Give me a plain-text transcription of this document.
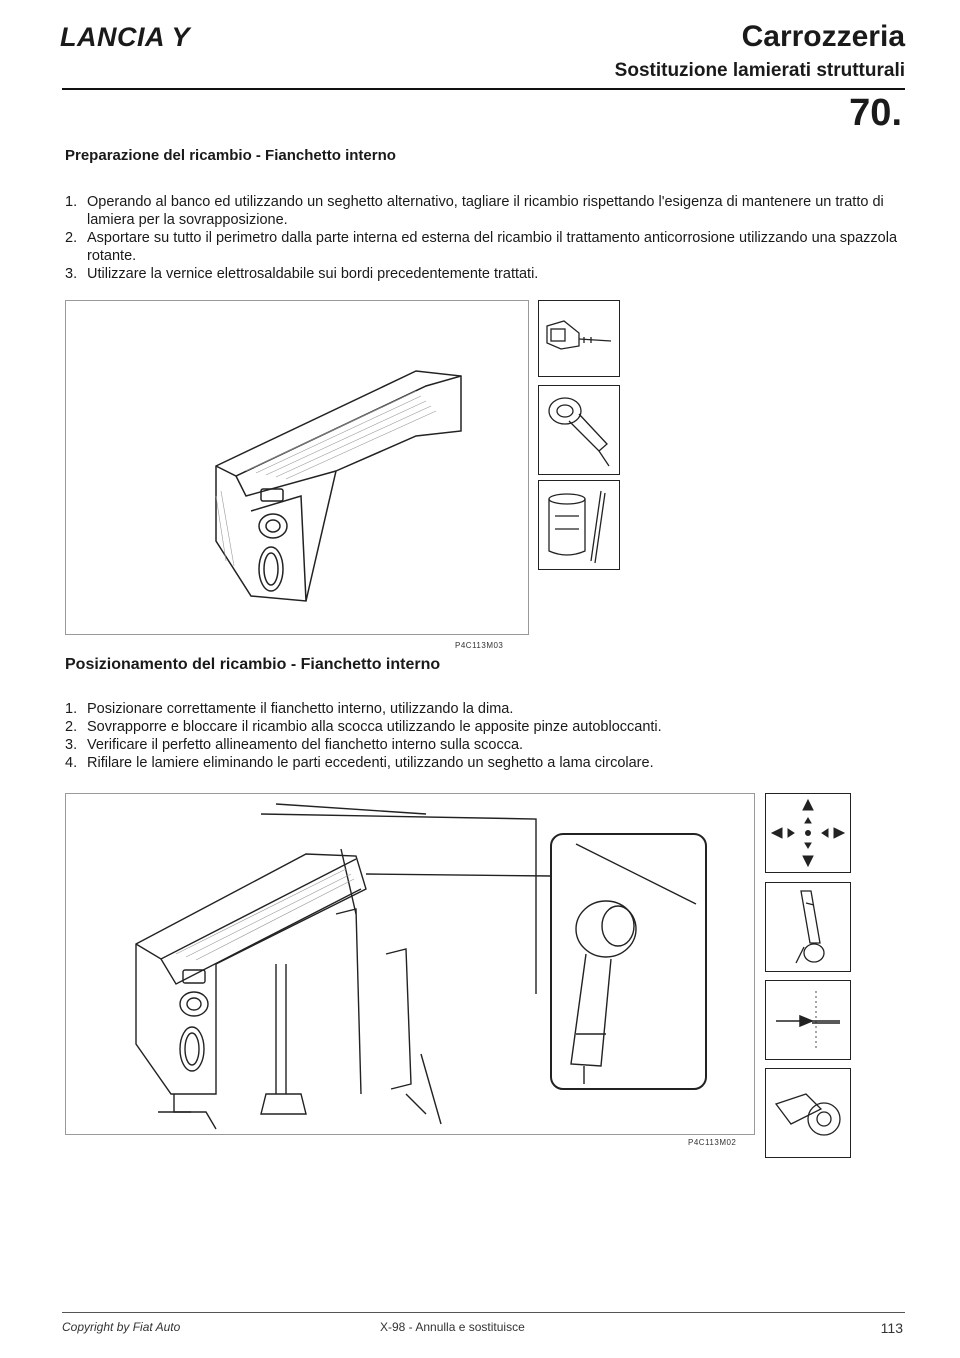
LANCIA Y	Carrozzeria
Sostituzione lamierati strutturali
70.
Preparazione del ricambio - Fianchetto interno
1. Operando al banco ed utilizzando un seghetto alternativo, tagliare il ricambio rispettando l'esigenza di mantenere un tratto di lamiera per la sovrapposizione.
2. Asportare su tutto il perimetro dalla parte interna ed esterna del ricambio il trattamento anticorrosione utilizzando una spazzola rotante.
3. Utilizzare la vernice elettrosaldabile sui bordi precedentemente trattati.
P4C113M03
Posizionamento del ricambio - Fianchetto interno
1. Posizionare correttamente il fianchetto interno, utilizzando la dima.
2. Sovrapporre e bloccare il ricambio alla scocca utilizzando le apposite pinze autobloccanti.
3. Verificare il perfetto allineamento del fianchetto interno sulla scocca.
4. Rifilare le lamiere eliminando le parti eccedenti, utilizzando un seghetto a lama circolare.
P4C113M02
Copyright by Fiat Auto	X-98 - Annulla e sostituisce	113
